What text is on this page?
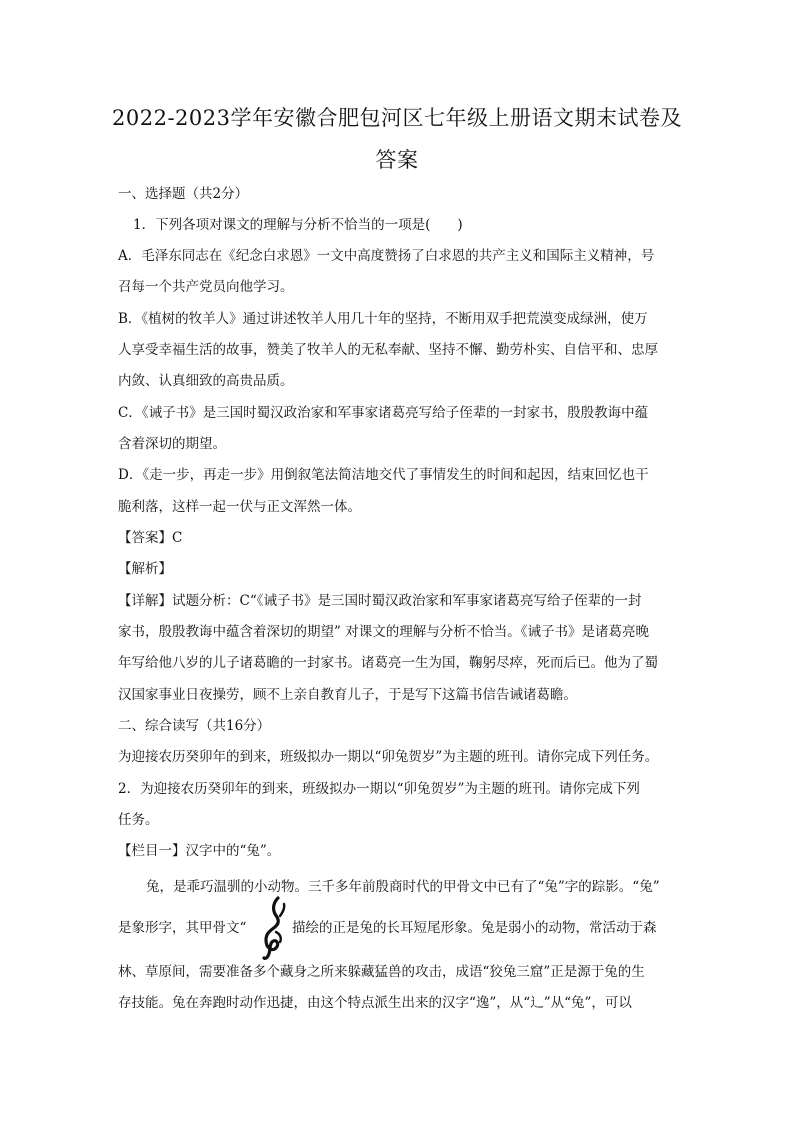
2022-2023学年安徽合肥包河区七年级上册语文期末试卷及
答案
一、选择题（共2分）
1．下列各项对课文的理解与分析不恰当的一项是(　　)
A．毛泽东同志在《纪念白求恩》一文中高度赞扬了白求恩的共产主义和国际主义精神，号
召每一个共产党员向他学习。
B．《植树的牧羊人》通过讲述牧羊人用几十年的坚持，不断用双手把荒漠变成绿洲，使万
人享受幸福生活的故事，赞美了牧羊人的无私奉献、坚持不懈、勤劳朴实、自信平和、忠厚
内敛、认真细致的高贵品质。
C．《诫子书》是三国时蜀汉政治家和军事家诸葛亮写给子侄辈的一封家书，殷殷教诲中蕴
含着深切的期望。
D．《走一步，再走一步》用倒叙笔法简洁地交代了事情发生的时间和起因，结束回忆也干
脆利落，这样一起一伏与正文浑然一体。
【答案】C
【解析】
【详解】试题分析：C“《诫子书》是三国时蜀汉政治家和军事家诸葛亮写给子侄辈的一封
家书，殷殷教诲中蕴含着深切的期望” 对课文的理解与分析不恰当。《诫子书》是诸葛亮晚
年写给他八岁的儿子诸葛瞻的一封家书。诸葛亮一生为国，鞠躬尽瘁，死而后已。他为了蜀
汉国家事业日夜操劳，顾不上亲自教育儿子，于是写下这篇书信告诫诸葛瞻。
二、综合读写（共16分）
为迎接农历癸卯年的到来，班级拟办一期以“卯兔贺岁”为主题的班刊。请你完成下列任务。
2．为迎接农历癸卯年的到来，班级拟办一期以“卯兔贺岁”为主题的班刊。请你完成下列
任务。
【栏目一】汉字中的“兔”。
兔，是乖巧温驯的小动物。三千多年前殷商时代的甲骨文中已有了“兔”字的踪影。“兔”
是象形字，其甲骨文“	描绘的正是兔的长耳短尾形象。兔是弱小的动物，常活动于森
林、草原间，需要准备多个藏身之所来躲藏猛兽的攻击，成语“狡兔三窟”正是源于兔的生
存技能。兔在奔跑时动作迅捷，由这个特点派生出来的汉字“逸”，从“辶”从“兔”，可以
